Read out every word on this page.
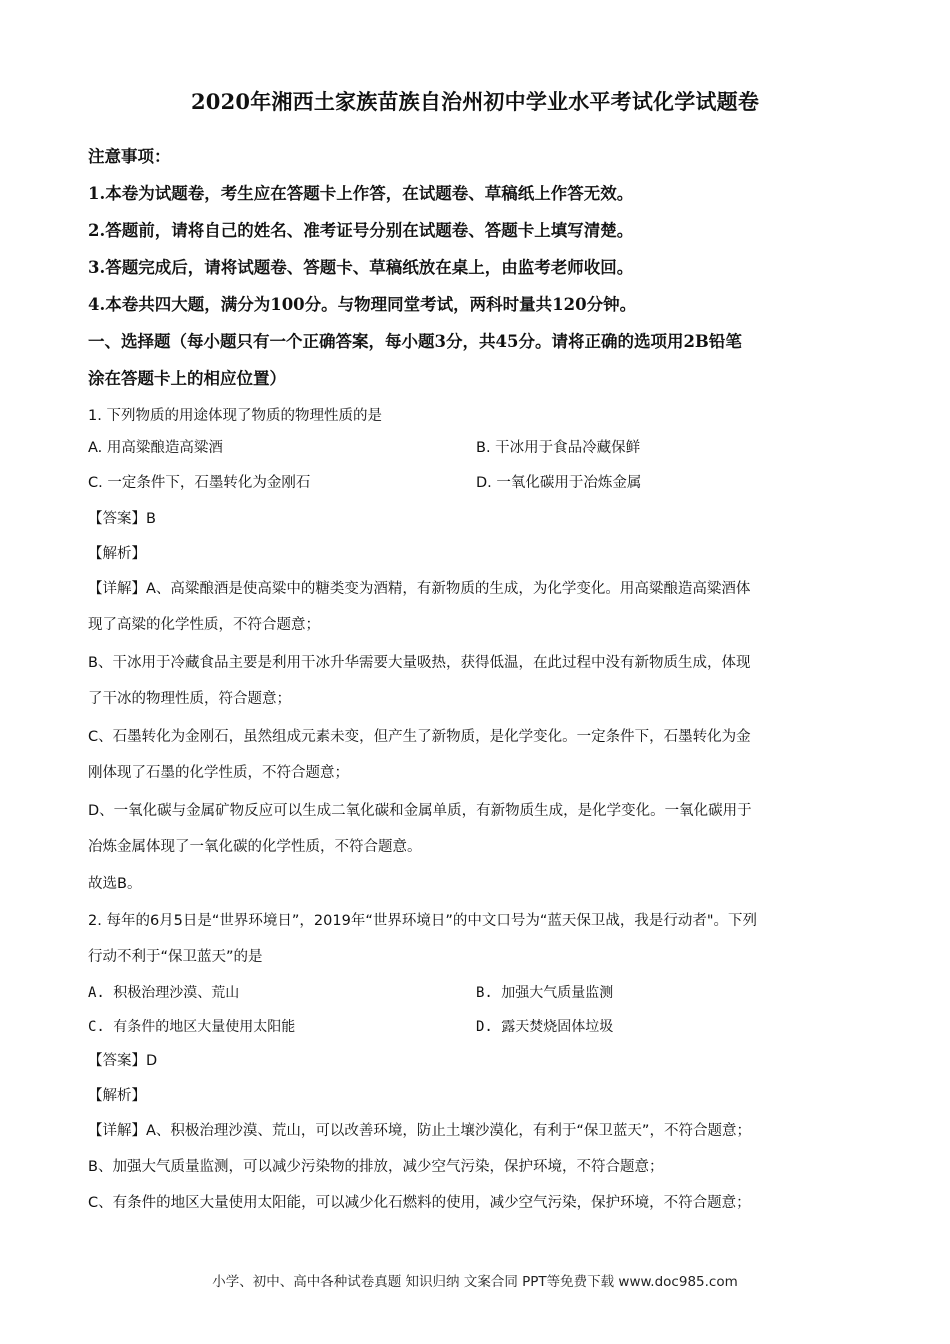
2020年湘西土家族苗族自治州初中学业水平考试化学试题卷
注意事项：
1.本卷为试题卷，考生应在答题卡上作答，在试题卷、草稿纸上作答无效。
2.答题前，请将自己的姓名、准考证号分别在试题卷、答题卡上填写清楚。
3.答题完成后，请将试题卷、答题卡、草稿纸放在桌上，由监考老师收回。
4.本卷共四大题，满分为100分。与物理同堂考试，两科时量共120分钟。
一、选择题（每小题只有一个正确答案，每小题3分，共45分。请将正确的选项用2B铅笔
涂在答题卡上的相应位置）
1. 下列物质的用途体现了物质的物理性质的是
A. 用高粱酿造高粱酒	B. 干冰用于食品冷藏保鲜
C. 一定条件下，石墨转化为金刚石	D. 一氧化碳用于冶炼金属
【答案】B
【解析】
【详解】A、高粱酿酒是使高粱中的糖类变为酒精，有新物质的生成，为化学变化。用高粱酿造高粱酒体
现了高粱的化学性质，不符合题意；
B、干冰用于冷藏食品主要是利用干冰升华需要大量吸热，获得低温，在此过程中没有新物质生成，体现
了干冰的物理性质，符合题意；
C、石墨转化为金刚石，虽然组成元素未变，但产生了新物质，是化学变化。一定条件下，石墨转化为金
刚体现了石墨的化学性质，不符合题意；
D、一氧化碳与金属矿物反应可以生成二氧化碳和金属单质，有新物质生成，是化学变化。一氧化碳用于
冶炼金属体现了一氧化碳的化学性质，不符合题意。
故选B。
2. 每年的6月5日是“世界环境日”，2019年“世界环境日”的中文口号为“蓝天保卫战，我是行动者"。下列
行动不利于“保卫蓝天”的是
A. 积极治理沙漠、荒山	B. 加强大气质量监测
C. 有条件的地区大量使用太阳能	D. 露天焚烧固体垃圾
【答案】D
【解析】
【详解】A、积极治理沙漠、荒山，可以改善环境，防止土壤沙漠化，有利于“保卫蓝天”，不符合题意；
B、加强大气质量监测，可以减少污染物的排放，减少空气污染，保护环境，不符合题意；
C、有条件的地区大量使用太阳能，可以减少化石燃料的使用，减少空气污染，保护环境，不符合题意；
小学、初中、高中各种试卷真题 知识归纳 文案合同 PPT等免费下载 www.doc985.com
